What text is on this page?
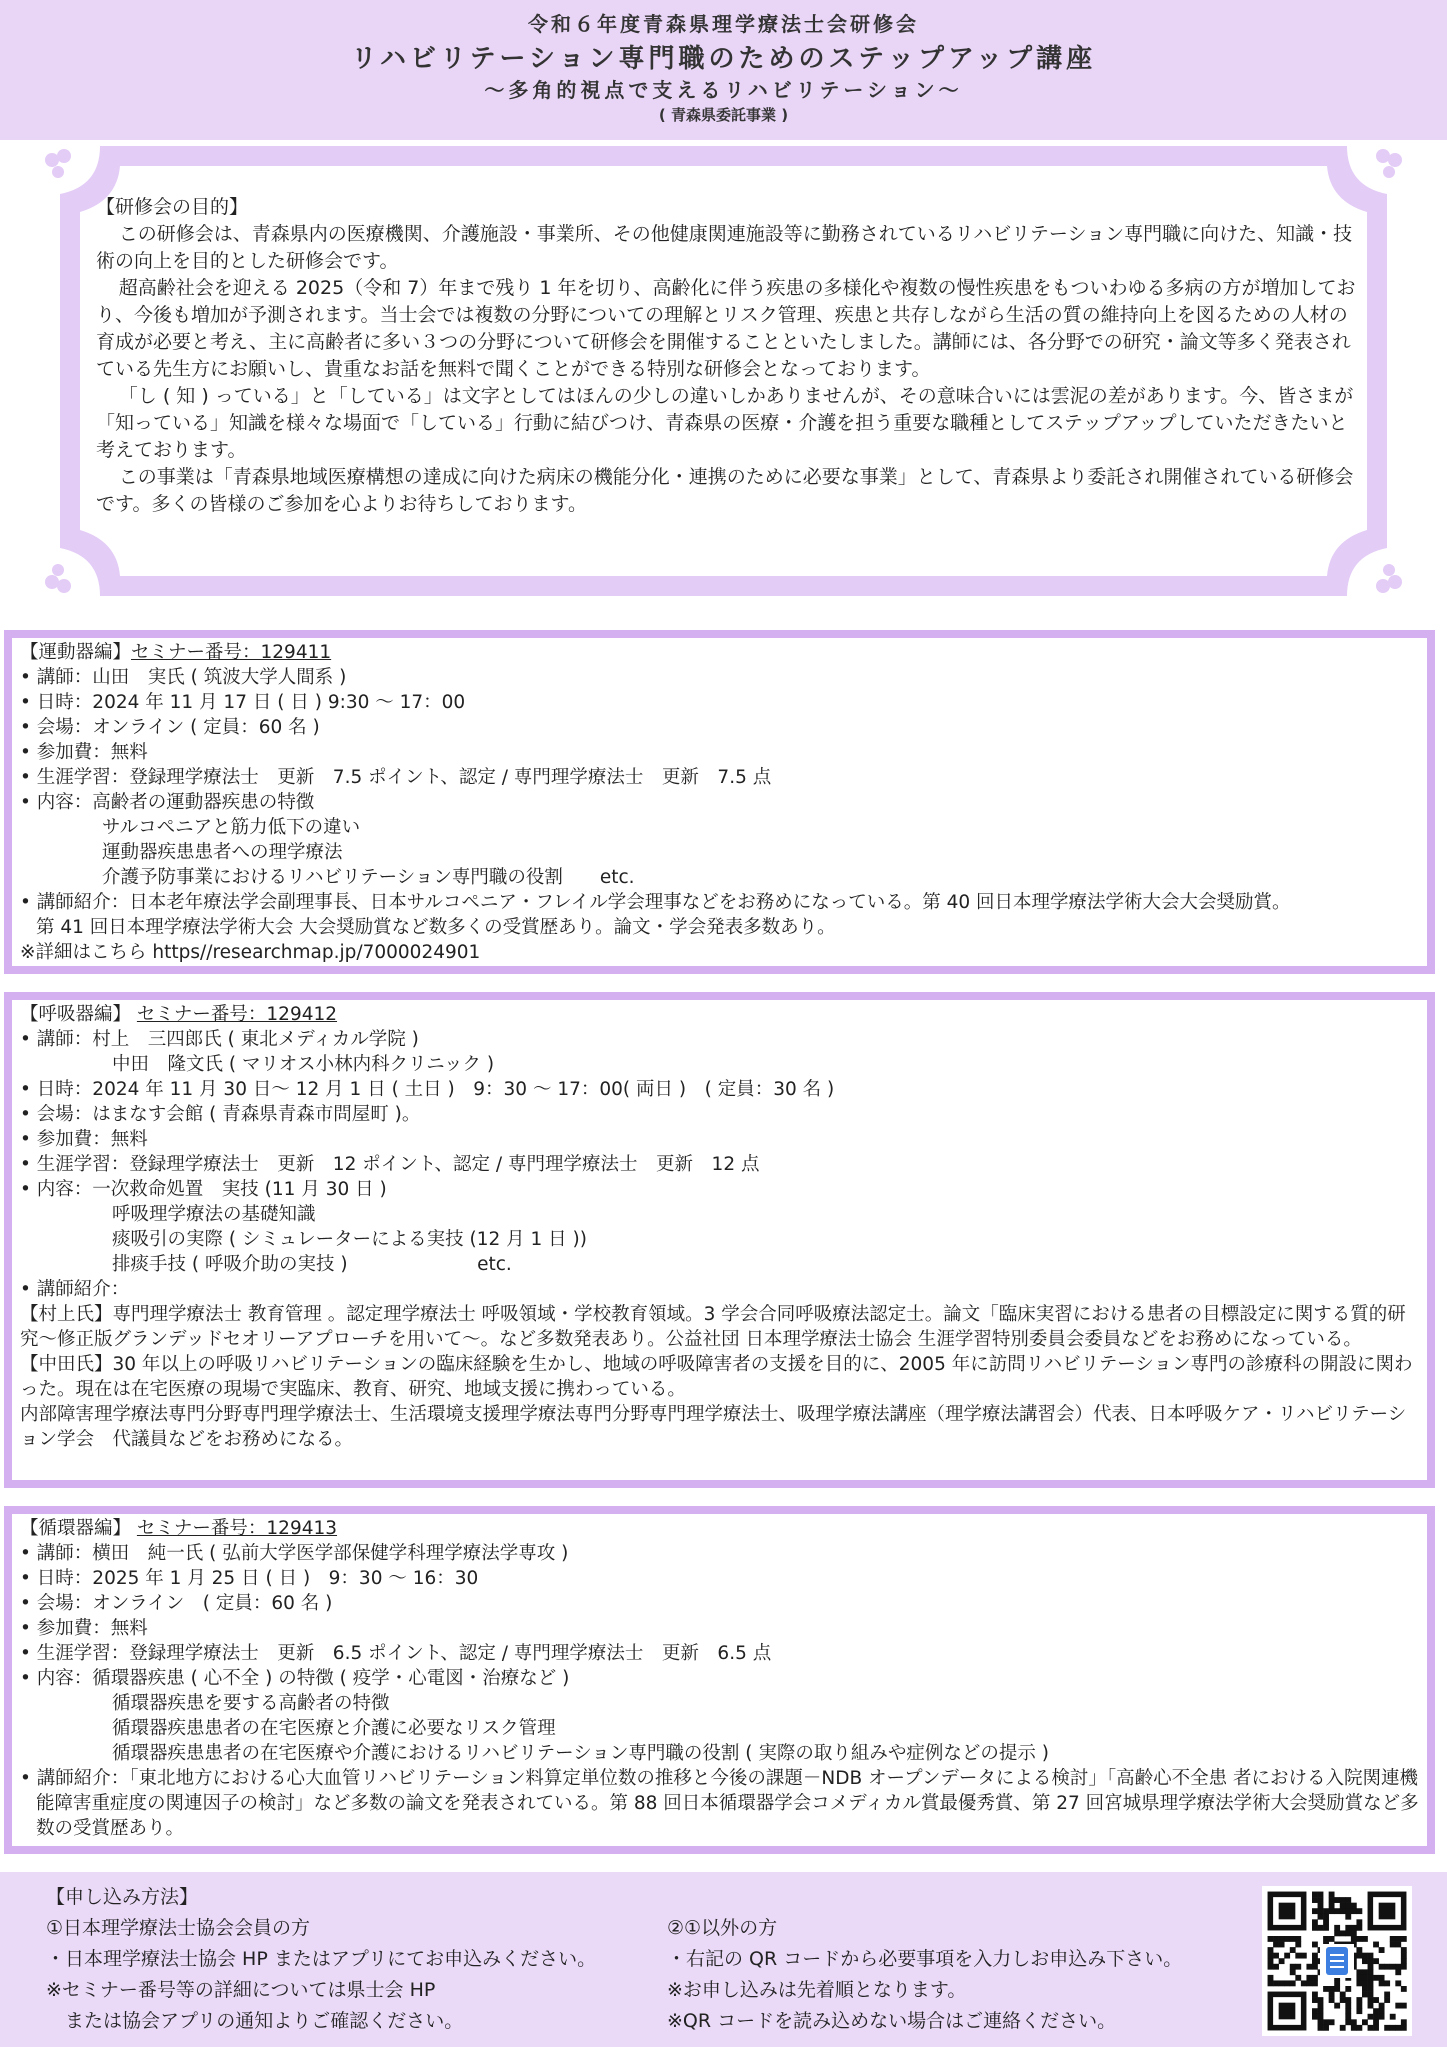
令和６年度青森県理学療法士会研修会
リハビリテーション専門職のためのステップアップ講座
～多角的視点で支えるリハビリテーション～
( 青森県委託事業 )

【研修会の目的】

この研修会は、青森県内の医療機関、介護施設・事業所、その他健康関連施設等に勤務されているリハビリテーション専門職に向けた、知識・技術の向上を目的とした研修会です。

超高齢社会を迎える 2025（令和 7）年まで残り 1 年を切り、高齢化に伴う疾患の多様化や複数の慢性疾患をもついわゆる多病の方が増加しており、今後も増加が予測されます。当士会では複数の分野についての理解とリスク管理、疾患と共存しながら生活の質の維持向上を図るための人材の育成が必要と考え、主に高齢者に多い３つの分野について研修会を開催することといたしました。講師には、各分野での研究・論文等多く発表されている先生方にお願いし、貴重なお話を無料で聞くことができる特別な研修会となっております。

「し ( 知 ) っている」と「している」は文字としてはほんの少しの違いしかありませんが、その意味合いには雲泥の差があります。今、皆さまが「知っている」知識を様々な場面で「している」行動に結びつけ、青森県の医療・介護を担う重要な職種としてステップアップしていただきたいと考えております。

この事業は「青森県地域医療構想の達成に向けた病床の機能分化・連携のために必要な事業」として、青森県より委託され開催されている研修会です。多くの皆様のご参加を心よりお待ちしております。

【運動器編】セミナー番号：129411

• 講師：山田　実氏 ( 筑波大学人間系 )

• 日時：2024 年 11 月 17 日 ( 日 ) 9:30 ～ 17：00

• 会場：オンライン ( 定員：60 名 )

• 参加費：無料

• 生涯学習：登録理学療法士　更新　7.5 ポイント、認定 / 専門理学療法士　更新　7.5 点

• 内容：高齢者の運動器疾患の特徴

サルコペニアと筋力低下の違い

運動器疾患患者への理学療法

介護予防事業におけるリハビリテーション専門職の役割　　etc.

• 講師紹介：日本老年療法学会副理事長、日本サルコペニア・フレイル学会理事などをお務めになっている。第 40 回日本理学療法学術大会大会奨励賞。

第 41 回日本理学療法学術大会 大会奨励賞など数多くの受賞歴あり。論文・学会発表多数あり。

※詳細はこちら https//researchmap.jp/7000024901

【呼吸器編】 セミナー番号：129412

• 講師：村上　三四郎氏 ( 東北メディカル学院 )

中田　隆文氏 ( マリオス小林内科クリニック )

• 日時：2024 年 11 月 30 日～ 12 月 1 日 ( 土日 )　9：30 ～ 17：00( 両日 )　( 定員：30 名 )

• 会場：はまなす会館 ( 青森県青森市問屋町 )。

• 参加費：無料

• 生涯学習：登録理学療法士　更新　12 ポイント、認定 / 専門理学療法士　更新　12 点

• 内容：一次救命処置　実技 (11 月 30 日 )

呼吸理学療法の基礎知識

痰吸引の実際 ( シミュレーターによる実技 (12 月 1 日 ))

排痰手技 ( 呼吸介助の実技 )　　　　　　　etc.

• 講師紹介：

【村上氏】専門理学療法士 教育管理 。認定理学療法士 呼吸領域・学校教育領域。3 学会合同呼吸療法認定士。論文「臨床実習における患者の目標設定に関する質的研究～修正版グランデッドセオリーアプローチを用いて～。など多数発表あり。公益社団 日本理学療法士協会 生涯学習特別委員会委員などをお務めになっている。

【中田氏】30 年以上の呼吸リハビリテーションの臨床経験を生かし、地域の呼吸障害者の支援を目的に、2005 年に訪問リハビリテーション専門の診療科の開設に関わった。現在は在宅医療の現場で実臨床、教育、研究、地域支援に携わっている。

内部障害理学療法専門分野専門理学療法士、生活環境支援理学療法専門分野専門理学療法士、吸理学療法講座（理学療法講習会）代表、日本呼吸ケア・リハビリテーション学会　代議員などをお務めになる。

【循環器編】 セミナー番号：129413

• 講師：横田　純一氏 ( 弘前大学医学部保健学科理学療法学専攻 )

• 日時：2025 年 1 月 25 日 ( 日 )　9：30 ～ 16：30

• 会場：オンライン　( 定員：60 名 )

• 参加費：無料

• 生涯学習：登録理学療法士　更新　6.5 ポイント、認定 / 専門理学療法士　更新　6.5 点

• 内容：循環器疾患 ( 心不全 ) の特徴 ( 疫学・心電図・治療など )

循環器疾患を要する高齢者の特徴

循環器疾患患者の在宅医療と介護に必要なリスク管理

循環器疾患患者の在宅医療や介護におけるリハビリテーション専門職の役割 ( 実際の取り組みや症例などの提示 )

• 講師紹介：「東北地方における心大血管リハビリテーション料算定単位数の推移と今後の課題－NDB オープンデータによる検討」「高齢心不全患 者における入院関連機能障害重症度の関連因子の検討」など多数の論文を発表されている。第 88 回日本循環器学会コメディカル賞最優秀賞、第 27 回宮城県理学療法学術大会奨励賞など多数の受賞歴あり。

【申し込み方法】

①日本理学療法士協会会員の方

・日本理学療法士協会 HP またはアプリにてお申込みください。

※セミナー番号等の詳細については県士会 HP

　または協会アプリの通知よりご確認ください。

②①以外の方

・右記の QR コードから必要事項を入力しお申込み下さい。

※お申し込みは先着順となります。

※QR コードを読み込めない場合はご連絡ください。
